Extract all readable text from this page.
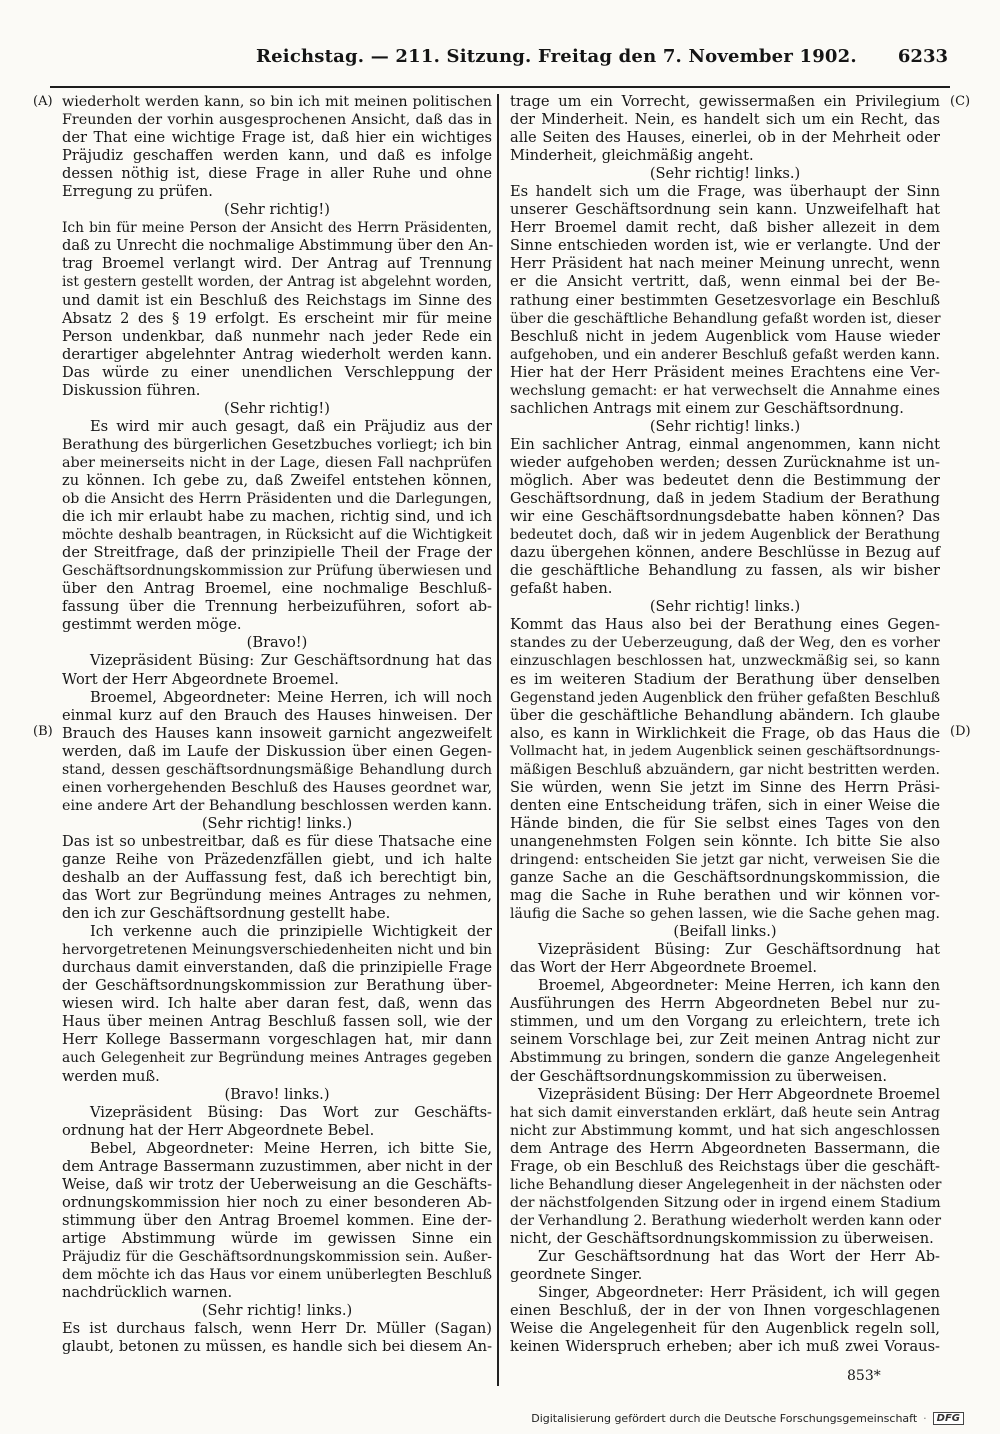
Reichstag. — 211. Sitzung. Freitag den 7. November 1902. 6233
(A)
(B)
(C)
(D)
wiederholt werden kann, so bin ich mit meinen politischen
Freunden der vorhin ausgesprochenen Ansicht, daß das in
der That eine wichtige Frage ist, daß hier ein wichtiges
Präjudiz geschaffen werden kann, und daß es infolge
dessen nöthig ist, diese Frage in aller Ruhe und ohne
Erregung zu prüfen.
(Sehr richtig!)
Ich bin für meine Person der Ansicht des Herrn Präsidenten,
daß zu Unrecht die nochmalige Abstimmung über den An-
trag Broemel verlangt wird. Der Antrag auf Trennung
ist gestern gestellt worden, der Antrag ist abgelehnt worden,
und damit ist ein Beschluß des Reichstags im Sinne des
Absatz 2 des § 19 erfolgt. Es erscheint mir für meine
Person undenkbar, daß nunmehr nach jeder Rede ein
derartiger abgelehnter Antrag wiederholt werden kann.
Das würde zu einer unendlichen Verschleppung der
Diskussion führen.
(Sehr richtig!)
Es wird mir auch gesagt, daß ein Präjudiz aus der
Berathung des bürgerlichen Gesetzbuches vorliegt; ich bin
aber meinerseits nicht in der Lage, diesen Fall nachprüfen
zu können. Ich gebe zu, daß Zweifel entstehen können,
ob die Ansicht des Herrn Präsidenten und die Darlegungen,
die ich mir erlaubt habe zu machen, richtig sind, und ich
möchte deshalb beantragen, in Rücksicht auf die Wichtigkeit
der Streitfrage, daß der prinzipielle Theil der Frage der
Geschäftsordnungskommission zur Prüfung überwiesen und
über den Antrag Broemel, eine nochmalige Beschluß-
fassung über die Trennung herbeizuführen, sofort ab-
gestimmt werden möge.
(Bravo!)
Vizepräsident Büsing: Zur Geschäftsordnung hat das
Wort der Herr Abgeordnete Broemel.
Broemel, Abgeordneter: Meine Herren, ich will noch
einmal kurz auf den Brauch des Hauses hinweisen. Der
Brauch des Hauses kann insoweit garnicht angezweifelt
werden, daß im Laufe der Diskussion über einen Gegen-
stand, dessen geschäftsordnungsmäßige Behandlung durch
einen vorhergehenden Beschluß des Hauses geordnet war,
eine andere Art der Behandlung beschlossen werden kann.
(Sehr richtig! links.)
Das ist so unbestreitbar, daß es für diese Thatsache eine
ganze Reihe von Präzedenzfällen giebt, und ich halte
deshalb an der Auffassung fest, daß ich berechtigt bin,
das Wort zur Begründung meines Antrages zu nehmen,
den ich zur Geschäftsordnung gestellt habe.
Ich verkenne auch die prinzipielle Wichtigkeit der
hervorgetretenen Meinungsverschiedenheiten nicht und bin
durchaus damit einverstanden, daß die prinzipielle Frage
der Geschäftsordnungskommission zur Berathung über-
wiesen wird. Ich halte aber daran fest, daß, wenn das
Haus über meinen Antrag Beschluß fassen soll, wie der
Herr Kollege Bassermann vorgeschlagen hat, mir dann
auch Gelegenheit zur Begründung meines Antrages gegeben
werden muß.
(Bravo! links.)
Vizepräsident Büsing: Das Wort zur Geschäfts-
ordnung hat der Herr Abgeordnete Bebel.
Bebel, Abgeordneter: Meine Herren, ich bitte Sie,
dem Antrage Bassermann zuzustimmen, aber nicht in der
Weise, daß wir trotz der Ueberweisung an die Geschäfts-
ordnungskommission hier noch zu einer besonderen Ab-
stimmung über den Antrag Broemel kommen. Eine der-
artige Abstimmung würde im gewissen Sinne ein
Präjudiz für die Geschäftsordnungskommission sein. Außer-
dem möchte ich das Haus vor einem unüberlegten Beschluß
nachdrücklich warnen.
(Sehr richtig! links.)
Es ist durchaus falsch, wenn Herr Dr. Müller (Sagan)
glaubt, betonen zu müssen, es handle sich bei diesem An-
trage um ein Vorrecht, gewissermaßen ein Privilegium
der Minderheit. Nein, es handelt sich um ein Recht, das
alle Seiten des Hauses, einerlei, ob in der Mehrheit oder
Minderheit, gleichmäßig angeht.
(Sehr richtig! links.)
Es handelt sich um die Frage, was überhaupt der Sinn
unserer Geschäftsordnung sein kann. Unzweifelhaft hat
Herr Broemel damit recht, daß bisher allezeit in dem
Sinne entschieden worden ist, wie er verlangte. Und der
Herr Präsident hat nach meiner Meinung unrecht, wenn
er die Ansicht vertritt, daß, wenn einmal bei der Be-
rathung einer bestimmten Gesetzesvorlage ein Beschluß
über die geschäftliche Behandlung gefaßt worden ist, dieser
Beschluß nicht in jedem Augenblick vom Hause wieder
aufgehoben, und ein anderer Beschluß gefaßt werden kann.
Hier hat der Herr Präsident meines Erachtens eine Ver-
wechslung gemacht: er hat verwechselt die Annahme eines
sachlichen Antrags mit einem zur Geschäftsordnung.
(Sehr richtig! links.)
Ein sachlicher Antrag, einmal angenommen, kann nicht
wieder aufgehoben werden; dessen Zurücknahme ist un-
möglich. Aber was bedeutet denn die Bestimmung der
Geschäftsordnung, daß in jedem Stadium der Berathung
wir eine Geschäftsordnungsdebatte haben können? Das
bedeutet doch, daß wir in jedem Augenblick der Berathung
dazu übergehen können, andere Beschlüsse in Bezug auf
die geschäftliche Behandlung zu fassen, als wir bisher
gefaßt haben.
(Sehr richtig! links.)
Kommt das Haus also bei der Berathung eines Gegen-
standes zu der Ueberzeugung, daß der Weg, den es vorher
einzuschlagen beschlossen hat, unzweckmäßig sei, so kann
es im weiteren Stadium der Berathung über denselben
Gegenstand jeden Augenblick den früher gefaßten Beschluß
über die geschäftliche Behandlung abändern. Ich glaube
also, es kann in Wirklichkeit die Frage, ob das Haus die
Vollmacht hat, in jedem Augenblick seinen geschäftsordnungs-
mäßigen Beschluß abzuändern, gar nicht bestritten werden.
Sie würden, wenn Sie jetzt im Sinne des Herrn Präsi-
denten eine Entscheidung träfen, sich in einer Weise die
Hände binden, die für Sie selbst eines Tages von den
unangenehmsten Folgen sein könnte. Ich bitte Sie also
dringend: entscheiden Sie jetzt gar nicht, verweisen Sie die
ganze Sache an die Geschäftsordnungskommission, die
mag die Sache in Ruhe berathen und wir können vor-
läufig die Sache so gehen lassen, wie die Sache gehen mag.
(Beifall links.)
Vizepräsident Büsing: Zur Geschäftsordnung hat
das Wort der Herr Abgeordnete Broemel.
Broemel, Abgeordneter: Meine Herren, ich kann den
Ausführungen des Herrn Abgeordneten Bebel nur zu-
stimmen, und um den Vorgang zu erleichtern, trete ich
seinem Vorschlage bei, zur Zeit meinen Antrag nicht zur
Abstimmung zu bringen, sondern die ganze Angelegenheit
der Geschäftsordnungskommission zu überweisen.
Vizepräsident Büsing: Der Herr Abgeordnete Broemel
hat sich damit einverstanden erklärt, daß heute sein Antrag
nicht zur Abstimmung kommt, und hat sich angeschlossen
dem Antrage des Herrn Abgeordneten Bassermann, die
Frage, ob ein Beschluß des Reichstags über die geschäft-
liche Behandlung dieser Angelegenheit in der nächsten oder
der nächstfolgenden Sitzung oder in irgend einem Stadium
der Verhandlung 2. Berathung wiederholt werden kann oder
nicht, der Geschäftsordnungskommission zu überweisen.
Zur Geschäftsordnung hat das Wort der Herr Ab-
geordnete Singer.
Singer, Abgeordneter: Herr Präsident, ich will gegen
einen Beschluß, der in der von Ihnen vorgeschlagenen
Weise die Angelegenheit für den Augenblick regeln soll,
keinen Widerspruch erheben; aber ich muß zwei Voraus-
853*
Digitalisierung gefördert durch die Deutsche Forschungsgemeinschaft ·	DFG
